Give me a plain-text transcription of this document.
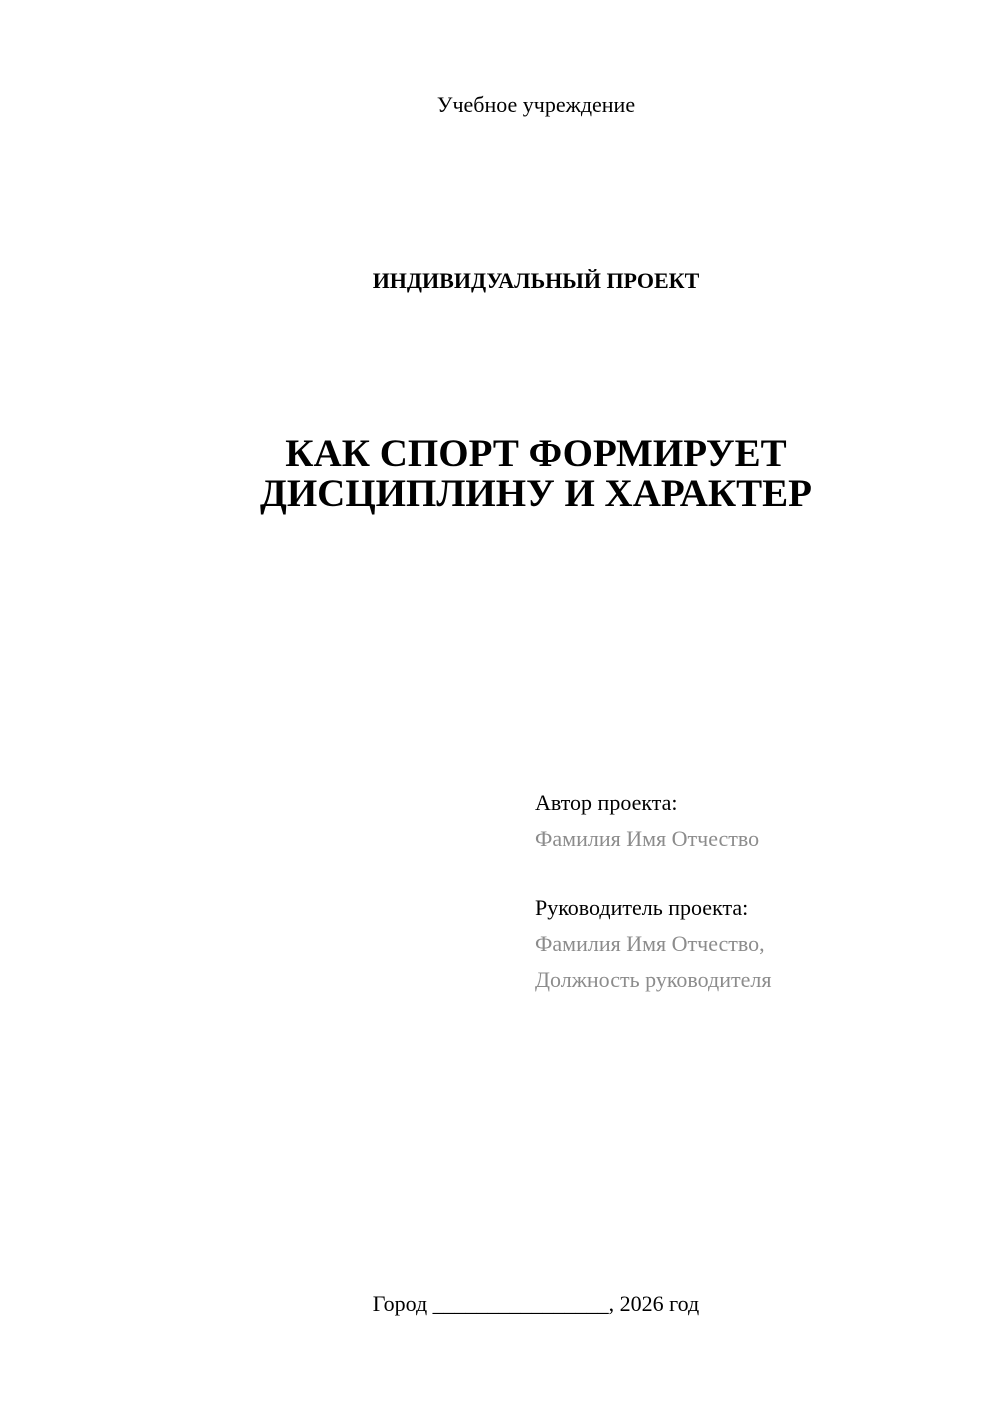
Учебное учреждение
ИНДИВИДУАЛЬНЫЙ ПРОЕКТ
КАК СПОРТ ФОРМИРУЕТ
ДИСЦИПЛИНУ И ХАРАКТЕР
Автор проекта:
Фамилия Имя Отчество
Руководитель проекта:
Фамилия Имя Отчество,
Должность руководителя
Город ________________, 2026 год
